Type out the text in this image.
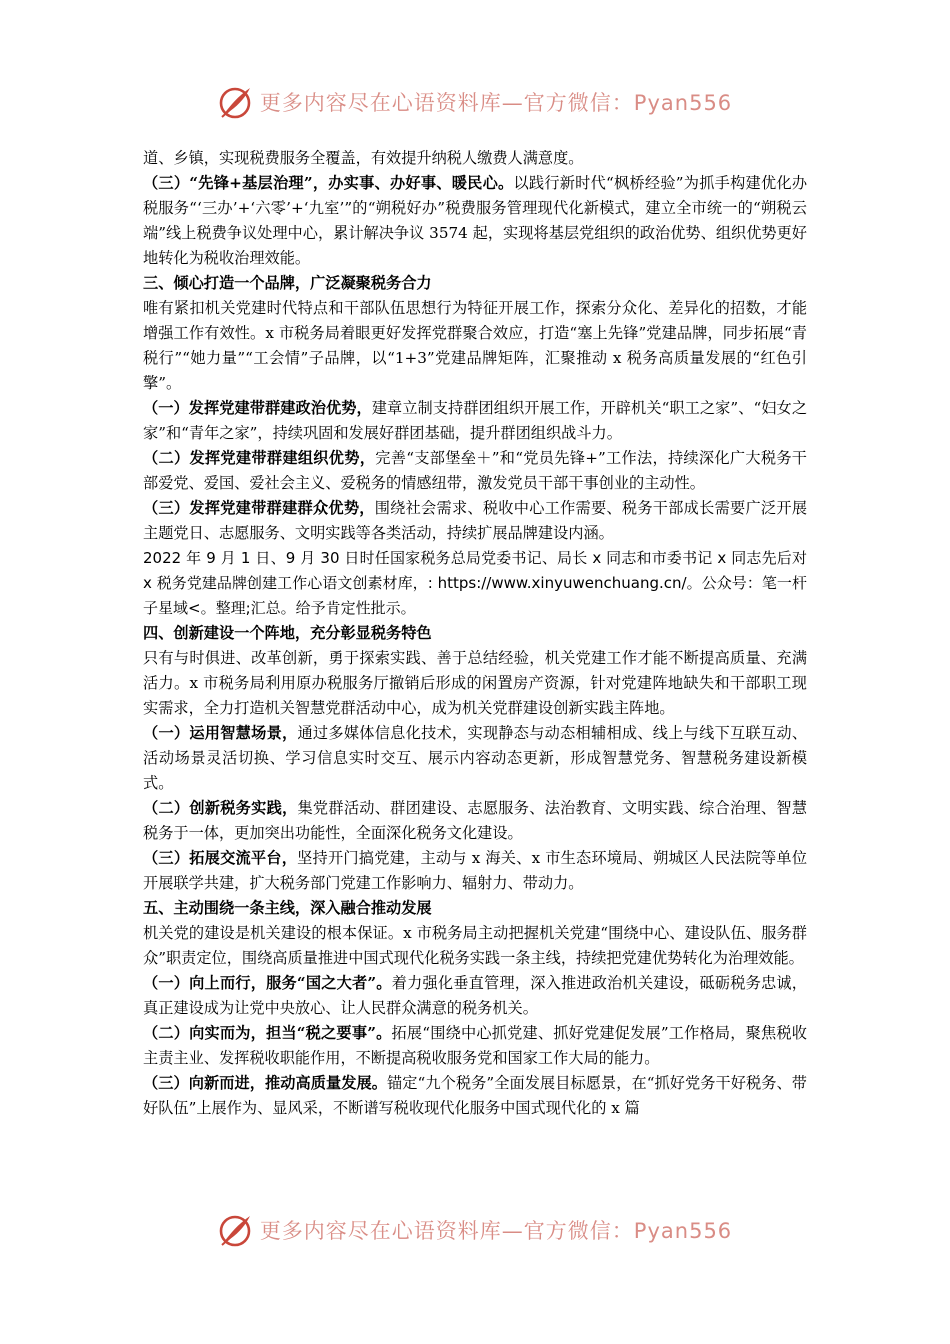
更多内容尽在心语资料库—官方微信：Pyan556

道、乡镇，实现税费服务全覆盖，有效提升纳税人缴费人满意度。

（三）“先锋+基层治理”，办实事、办好事、暖民心。以践行新时代“枫桥经验”为抓手构建优化办税服务“‘三办’+‘六零’+‘九室’”的“朔税好办”税费服务管理现代化新模式，建立全市统一的“朔税云端”线上税费争议处理中心，累计解决争议 3574 起，实现将基层党组织的政治优势、组织优势更好地转化为税收治理效能。

三、倾心打造一个品牌，广泛凝聚税务合力

唯有紧扣机关党建时代特点和干部队伍思想行为特征开展工作，探索分众化、差异化的招数，才能增强工作有效性。x 市税务局着眼更好发挥党群聚合效应，打造“塞上先锋”党建品牌，同步拓展“青税行”“她力量”“工会情”子品牌，以“1+3”党建品牌矩阵，汇聚推动 x 税务高质量发展的“红色引擎”。

（一）发挥党建带群建政治优势，建章立制支持群团组织开展工作，开辟机关“职工之家”、“妇女之家”和“青年之家”，持续巩固和发展好群团基础，提升群团组织战斗力。

（二）发挥党建带群建组织优势，完善“支部堡垒＋”和“党员先锋+”工作法，持续深化广大税务干部爱党、爱国、爱社会主义、爱税务的情感纽带，激发党员干部干事创业的主动性。

（三）发挥党建带群建群众优势，围绕社会需求、税收中心工作需要、税务干部成长需要广泛开展主题党日、志愿服务、文明实践等各类活动，持续扩展品牌建设内涵。

2022 年 9 月 1 日、9 月 30 日时任国家税务总局党委书记、局长 x 同志和市委书记 x 同志先后对 x 税务党建品牌创建工作心语文创素材库，: https://www.xinyuwenchuang.cn/。公众号：笔一杆子星域<。整理;汇总。给予肯定性批示。

四、创新建设一个阵地，充分彰显税务特色

只有与时俱进、改革创新，勇于探索实践、善于总结经验，机关党建工作才能不断提高质量、充满活力。x 市税务局利用原办税服务厅撤销后形成的闲置房产资源，针对党建阵地缺失和干部职工现实需求，全力打造机关智慧党群活动中心，成为机关党群建设创新实践主阵地。

（一）运用智慧场景，通过多媒体信息化技术，实现静态与动态相辅相成、线上与线下互联互动、活动场景灵活切换、学习信息实时交互、展示内容动态更新，形成智慧党务、智慧税务建设新模式。

（二）创新税务实践，集党群活动、群团建设、志愿服务、法治教育、文明实践、综合治理、智慧税务于一体，更加突出功能性，全面深化税务文化建设。

（三）拓展交流平台，坚持开门搞党建，主动与 x 海关、x 市生态环境局、朔城区人民法院等单位开展联学共建，扩大税务部门党建工作影响力、辐射力、带动力。

五、主动围绕一条主线，深入融合推动发展

机关党的建设是机关建设的根本保证。x 市税务局主动把握机关党建“围绕中心、建设队伍、服务群众”职责定位，围绕高质量推进中国式现代化税务实践一条主线，持续把党建优势转化为治理效能。

（一）向上而行，服务“国之大者”。着力强化垂直管理，深入推进政治机关建设，砥砺税务忠诚，真正建设成为让党中央放心、让人民群众满意的税务机关。

（二）向实而为，担当“税之要事”。拓展“围绕中心抓党建、抓好党建促发展”工作格局，聚焦税收主责主业、发挥税收职能作用，不断提高税收服务党和国家工作大局的能力。

（三）向新而进，推动高质量发展。锚定“九个税务”全面发展目标愿景，在“抓好党务干好税务、带好队伍”上展作为、显风采，不断谱写税收现代化服务中国式现代化的 x 篇

更多内容尽在心语资料库—官方微信：Pyan556
